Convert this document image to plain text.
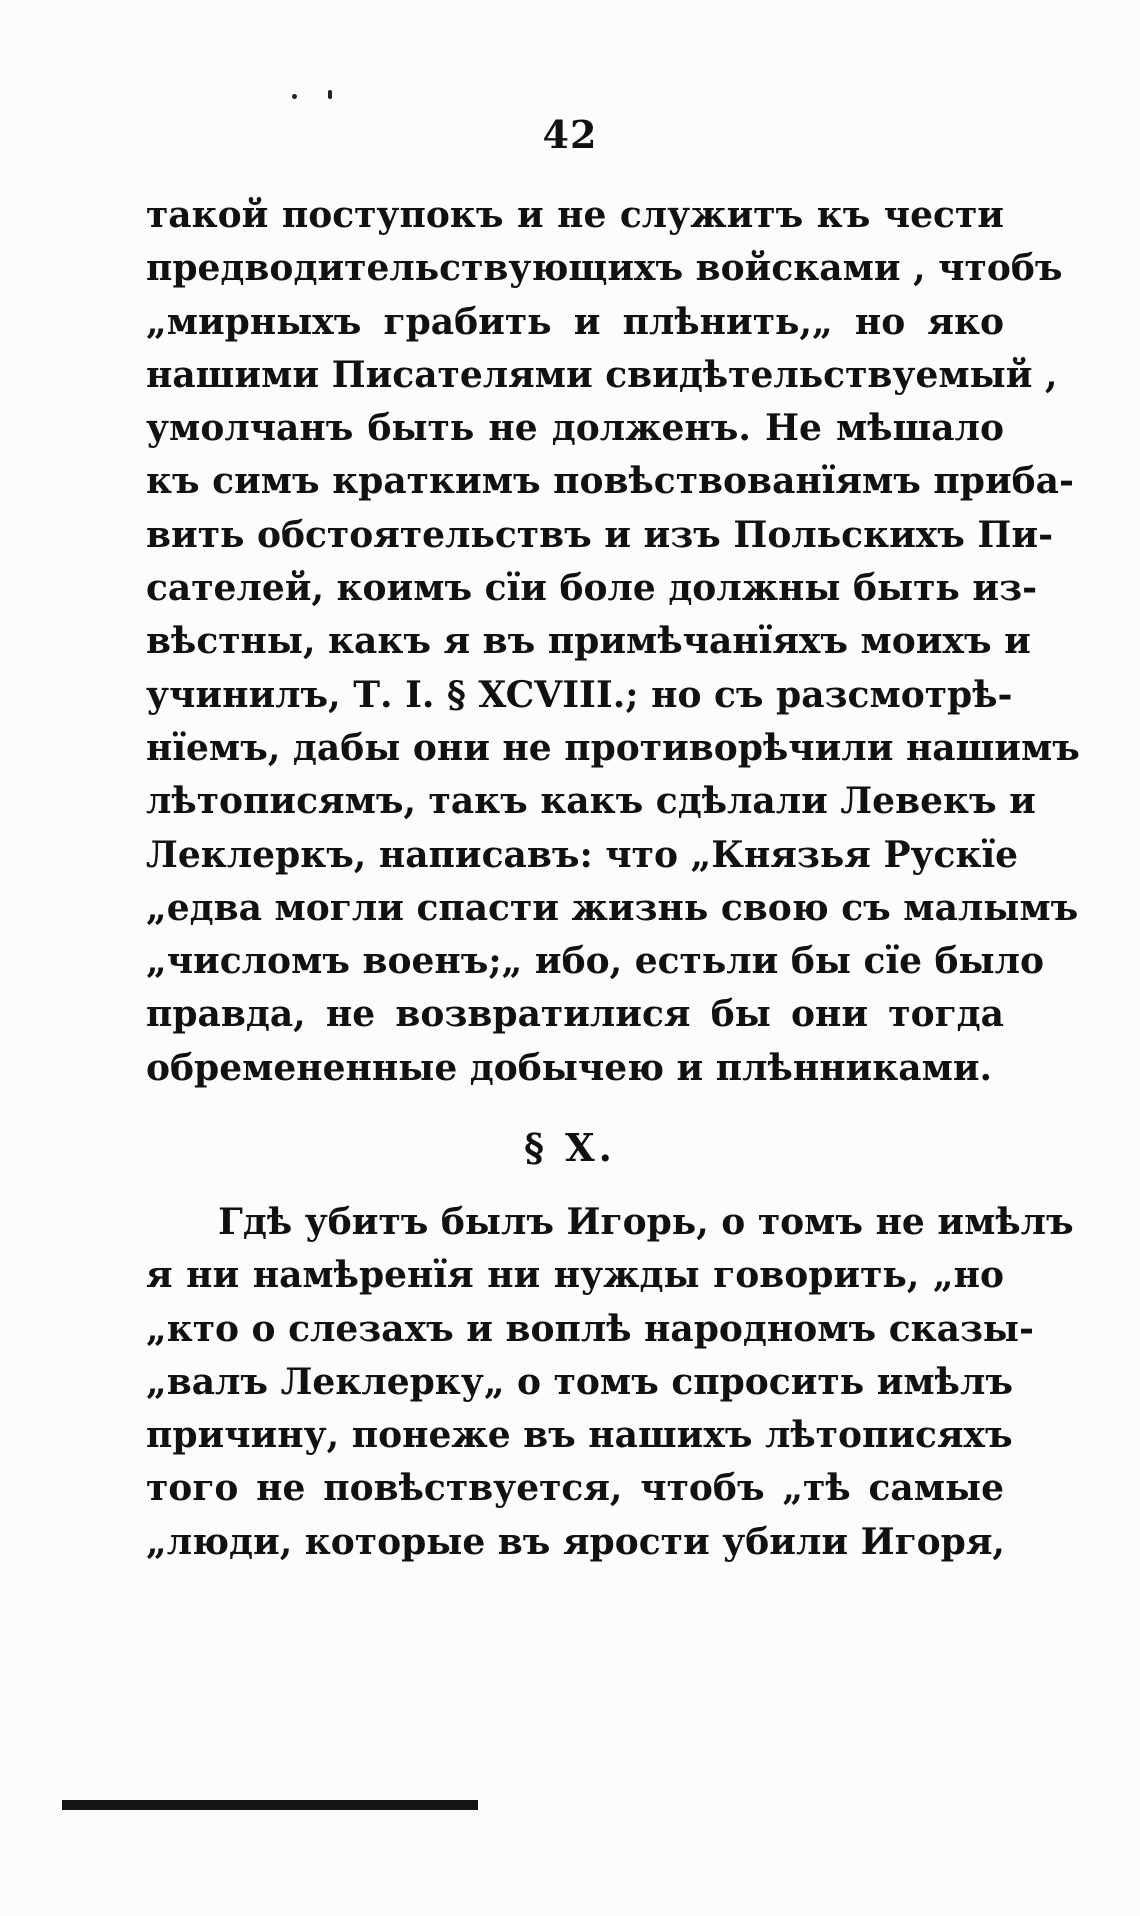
42
такой поступокъ и не служитъ къ чести
предводительствующихъ войсками , чтобъ
„мирныхъ грабить и плѣнить,„ но яко
нашими Писателями свидѣтельствуемый ,
умолчанъ быть не долженъ. Не мѣшало
къ симъ краткимъ повѣствованïямъ приба-
вить обстоятельствъ и изъ Польскихъ Пи-
сателей, коимъ сïи боле должны быть из-
вѣстны, какъ я въ примѣчанïяхъ моихъ и
учинилъ, Т. I. § XCVIII.; но съ разсмотрѣ-
нïемъ, дабы они не противорѣчили нашимъ
лѣтописямъ, такъ какъ сдѣлали Левекъ и
Леклеркъ, написавъ: что „Князья Рускïе
„едва могли спасти жизнь свою съ малымъ
„числомъ военъ;„ ибо, естьли бы сïе было
правда, не возвратилися бы они тогда
обремененные добычею и плѣнниками.
§ X.
Гдѣ убитъ былъ Игорь, о томъ не имѣлъ
я ни намѣренïя ни нужды говорить, „но
„кто о слезахъ и воплѣ народномъ сказы-
„валъ Леклерку„ о томъ спросить имѣлъ
причину, понеже въ нашихъ лѣтописяхъ
того не повѣствуется, чтобъ „тѣ самые
„люди, которые въ ярости убили Игоря,
